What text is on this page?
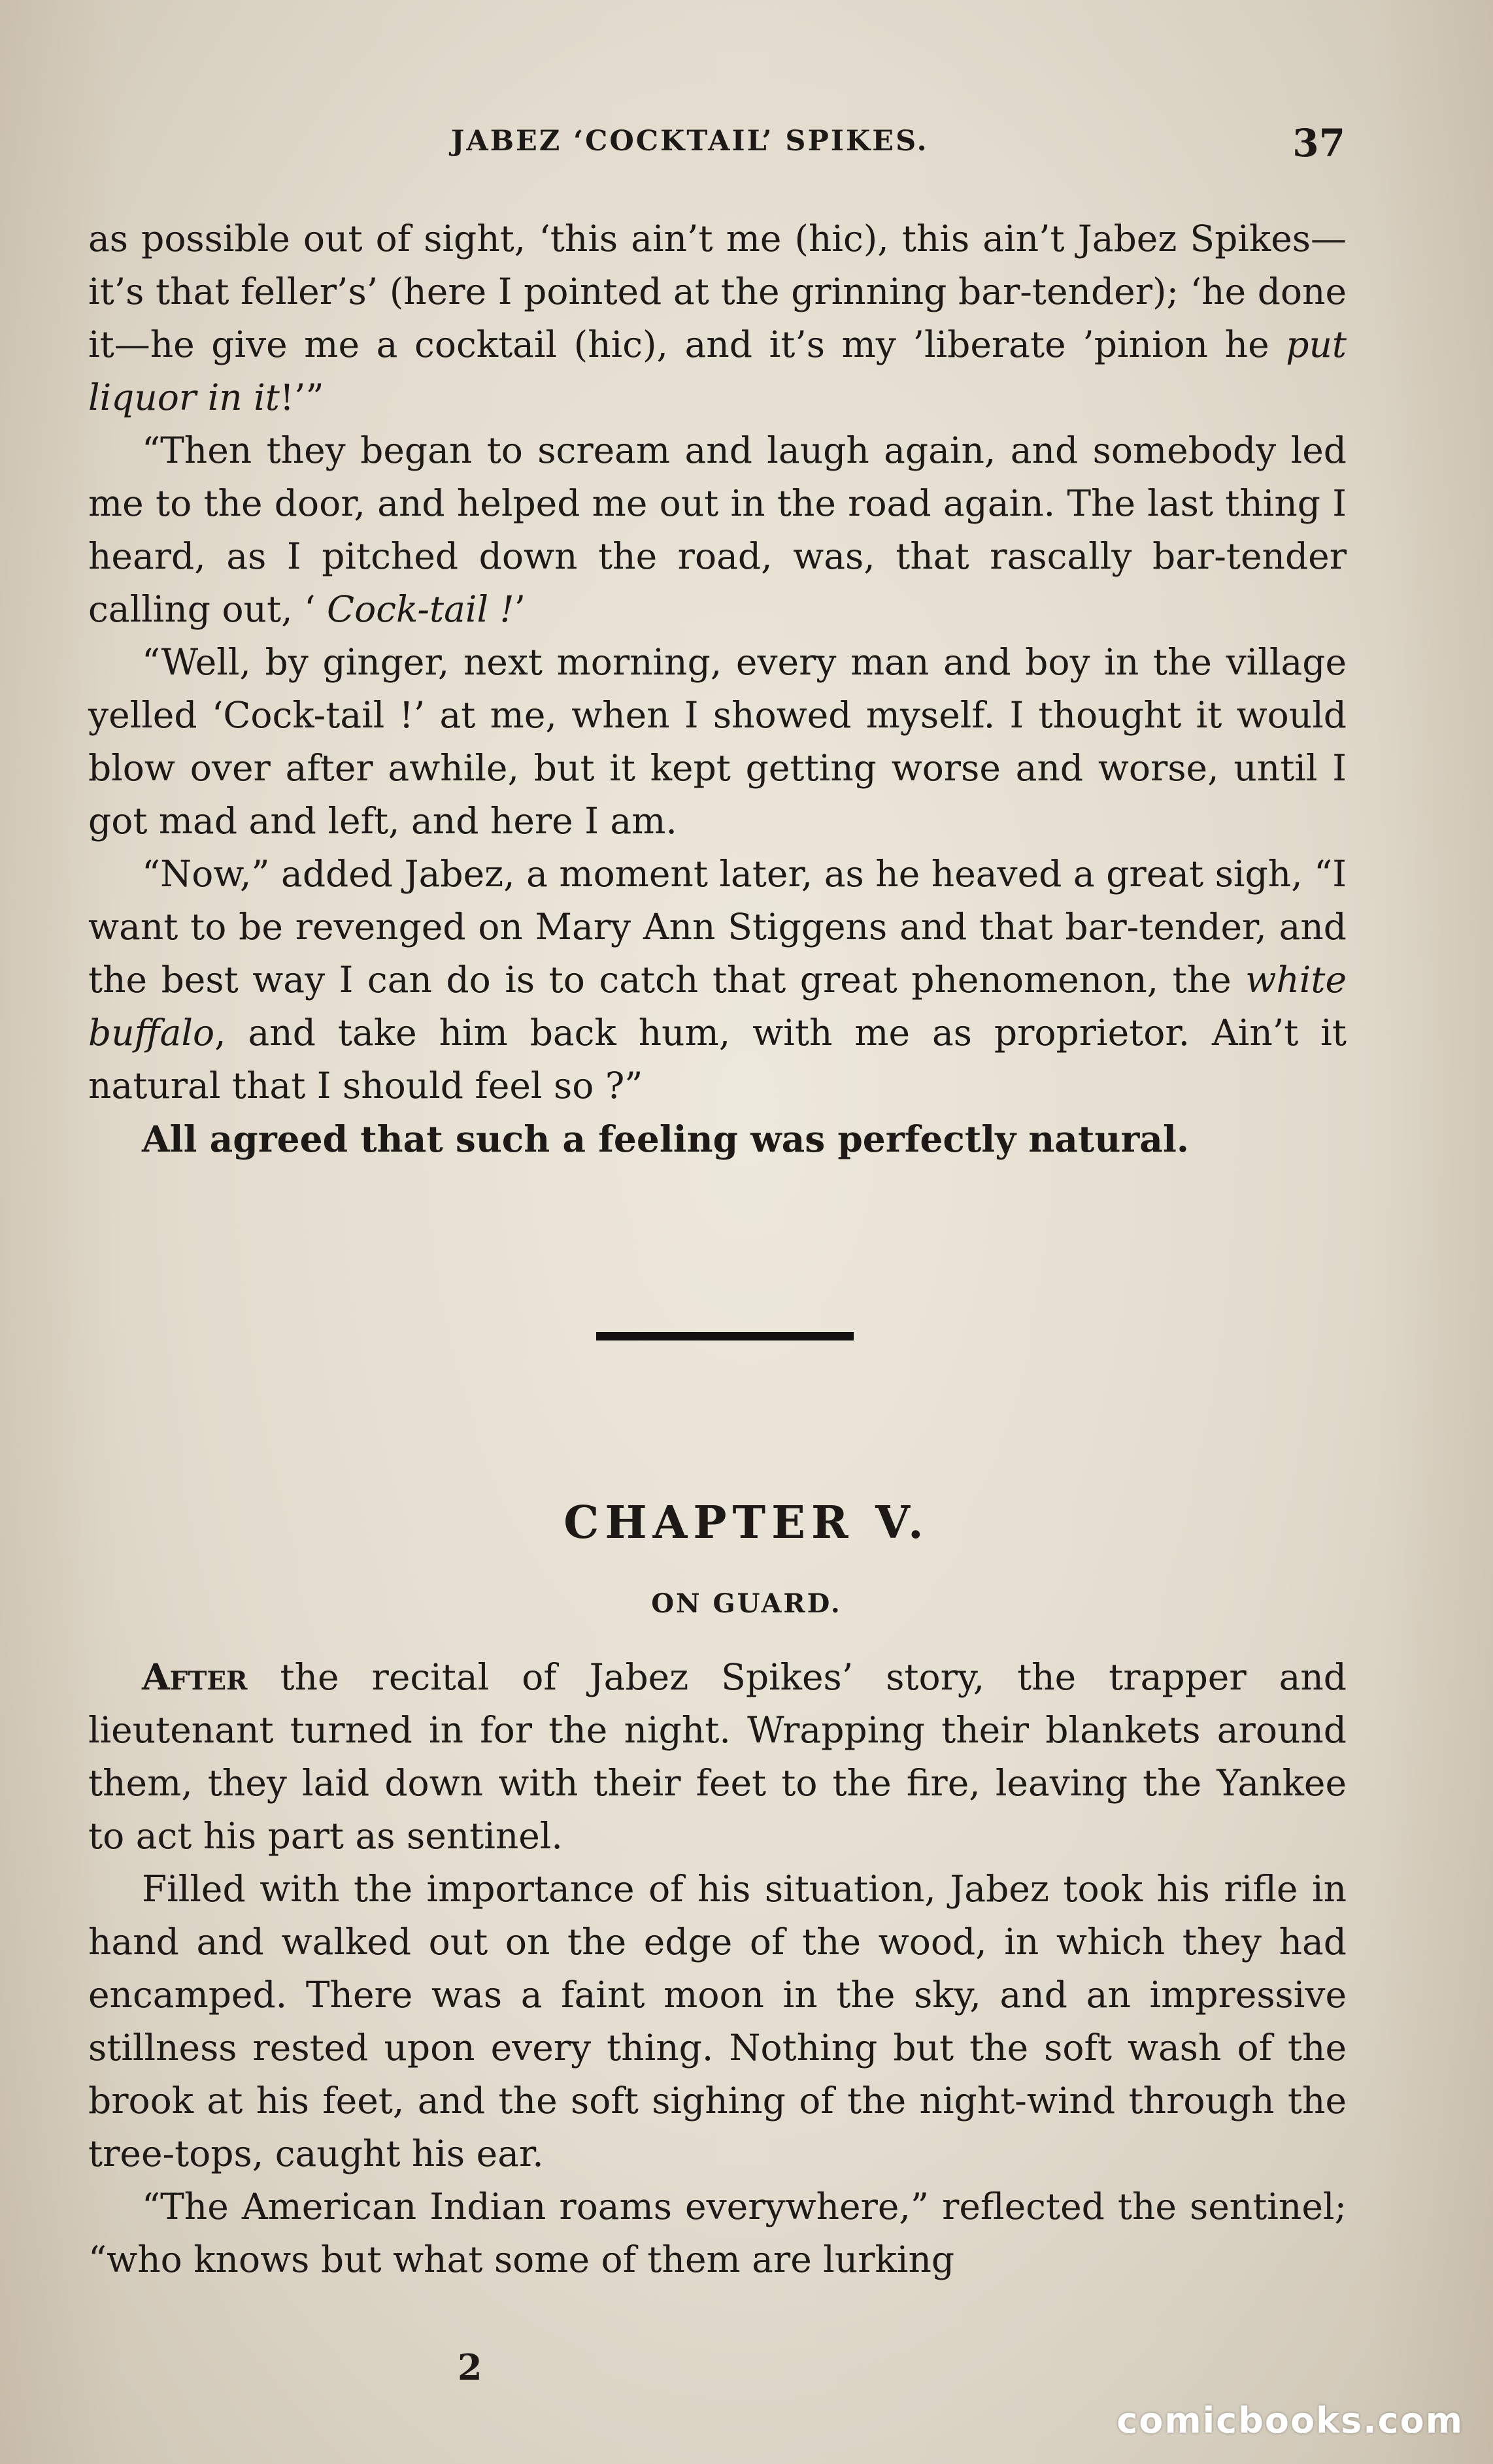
JABEZ ‘COCKTAIL’ SPIKES.	37

as possible out of sight, ‘this ain’t me (hic), this ain’t Jabez Spikes—it’s that feller’s’ (here I pointed at the grinning bar-tender); ‘he done it—he give me a cocktail (hic), and it’s my ’liberate ’pinion he put liquor in it!’”

“Then they began to scream and laugh again, and somebody led me to the door, and helped me out in the road again. The last thing I heard, as I pitched down the road, was, that rascally bar-tender calling out, ‘ Cock-tail !’

“Well, by ginger, next morning, every man and boy in the village yelled ‘Cock-tail !’ at me, when I showed myself. I thought it would blow over after awhile, but it kept getting worse and worse, until I got mad and left, and here I am.

“Now,” added Jabez, a moment later, as he heaved a great sigh, “I want to be revenged on Mary Ann Stiggens and that bar-tender, and the best way I can do is to catch that great phenomenon, the white buffalo, and take him back hum, with me as proprietor. Ain’t it natural that I should feel so ?”

All agreed that such a feeling was perfectly natural.

CHAPTER V.
ON GUARD.

After the recital of Jabez Spikes’ story, the trapper and lieutenant turned in for the night. Wrapping their blankets around them, they laid down with their feet to the fire, leaving the Yankee to act his part as sentinel.

Filled with the importance of his situation, Jabez took his rifle in hand and walked out on the edge of the wood, in which they had encamped. There was a faint moon in the sky, and an impressive stillness rested upon every thing. Nothing but the soft wash of the brook at his feet, and the soft sighing of the night-wind through the tree-tops, caught his ear.

“The American Indian roams everywhere,” reflected the sentinel; “who knows but what some of them are lurking

2
comicbooks.com
